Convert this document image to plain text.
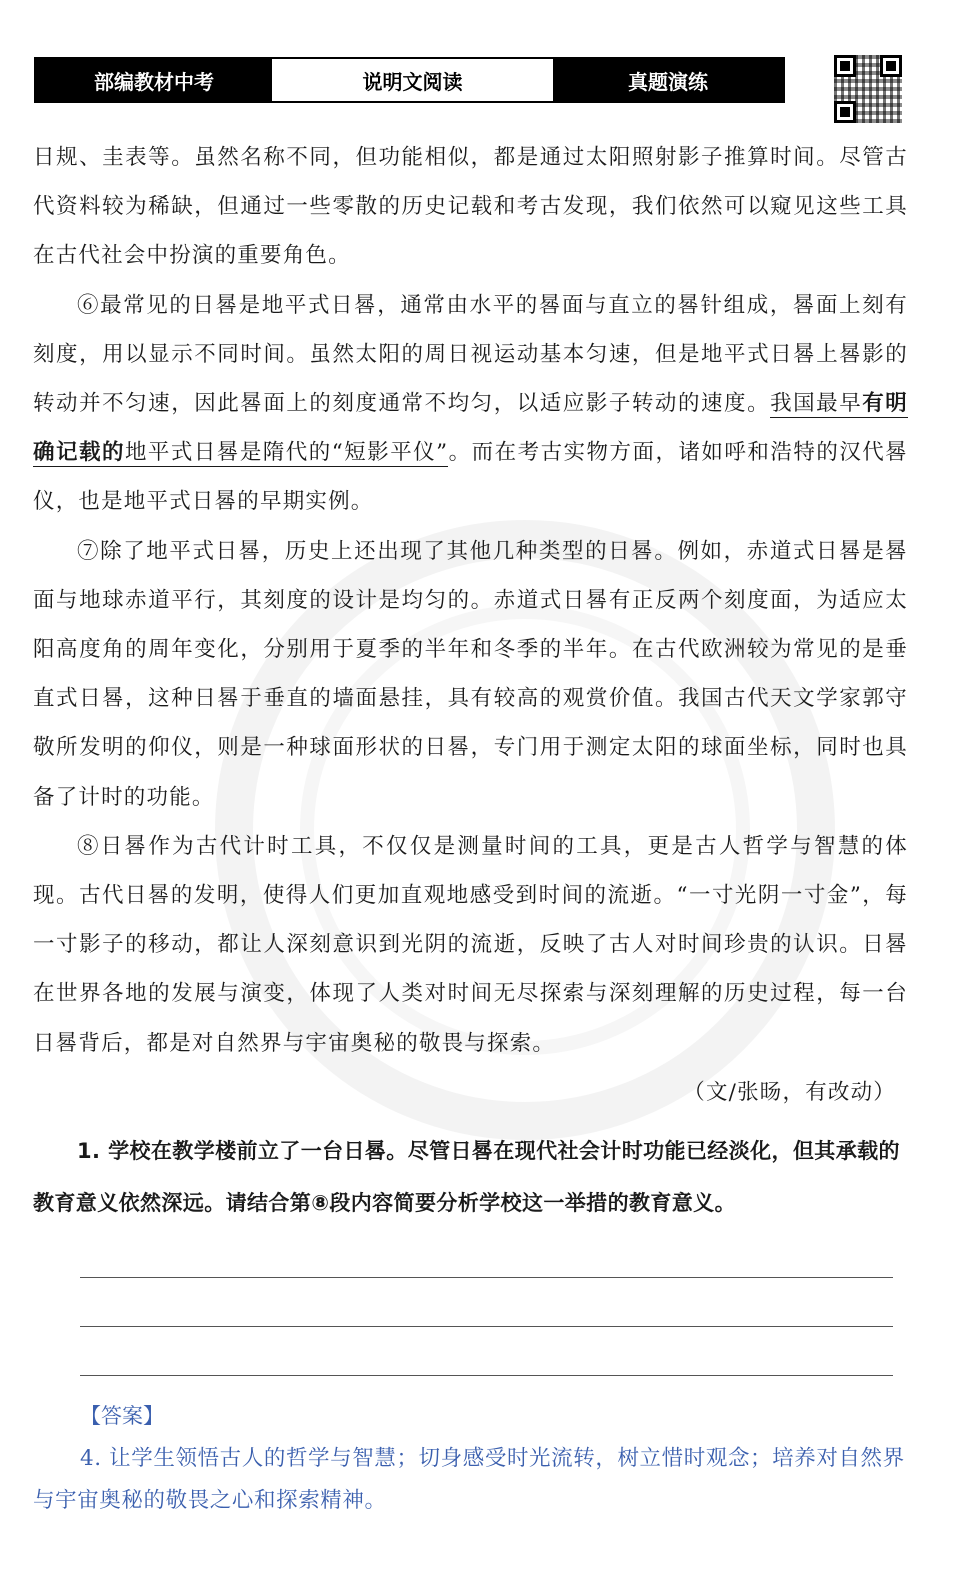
部编教材中考	说明文阅读	真题演练

日规、圭表等。虽然名称不同，但功能相似，都是通过太阳照射影子推算时间。尽管古代资料较为稀缺，但通过一些零散的历史记载和考古发现，我们依然可以窥见这些工具在古代社会中扮演的重要角色。

⑥最常见的日晷是地平式日晷，通常由水平的晷面与直立的晷针组成，晷面上刻有刻度，用以显示不同时间。虽然太阳的周日视运动基本匀速，但是地平式日晷上晷影的转动并不匀速，因此晷面上的刻度通常不均匀，以适应影子转动的速度。我国最早有明确记载的地平式日晷是隋代的“短影平仪”。而在考古实物方面，诸如呼和浩特的汉代晷仪，也是地平式日晷的早期实例。

⑦除了地平式日晷，历史上还出现了其他几种类型的日晷。例如，赤道式日晷是晷面与地球赤道平行，其刻度的设计是均匀的。赤道式日晷有正反两个刻度面，为适应太阳高度角的周年变化，分别用于夏季的半年和冬季的半年。在古代欧洲较为常见的是垂直式日晷，这种日晷于垂直的墙面悬挂，具有较高的观赏价值。我国古代天文学家郭守敬所发明的仰仪，则是一种球面形状的日晷，专门用于测定太阳的球面坐标，同时也具备了计时的功能。

⑧日晷作为古代计时工具，不仅仅是测量时间的工具，更是古人哲学与智慧的体现。古代日晷的发明，使得人们更加直观地感受到时间的流逝。“一寸光阴一寸金”，每一寸影子的移动，都让人深刻意识到光阴的流逝，反映了古人对时间珍贵的认识。日晷在世界各地的发展与演变，体现了人类对时间无尽探索与深刻理解的历史过程，每一台日晷背后，都是对自然界与宇宙奥秘的敬畏与探索。

（文/张旸，有改动）

1. 学校在教学楼前立了一台日晷。尽管日晷在现代社会计时功能已经淡化，但其承载的教育意义依然深远。请结合第⑧段内容简要分析学校这一举措的教育意义。

【答案】

4. 让学生领悟古人的哲学与智慧；切身感受时光流转，树立惜时观念；培养对自然界与宇宙奥秘的敬畏之心和探索精神。
